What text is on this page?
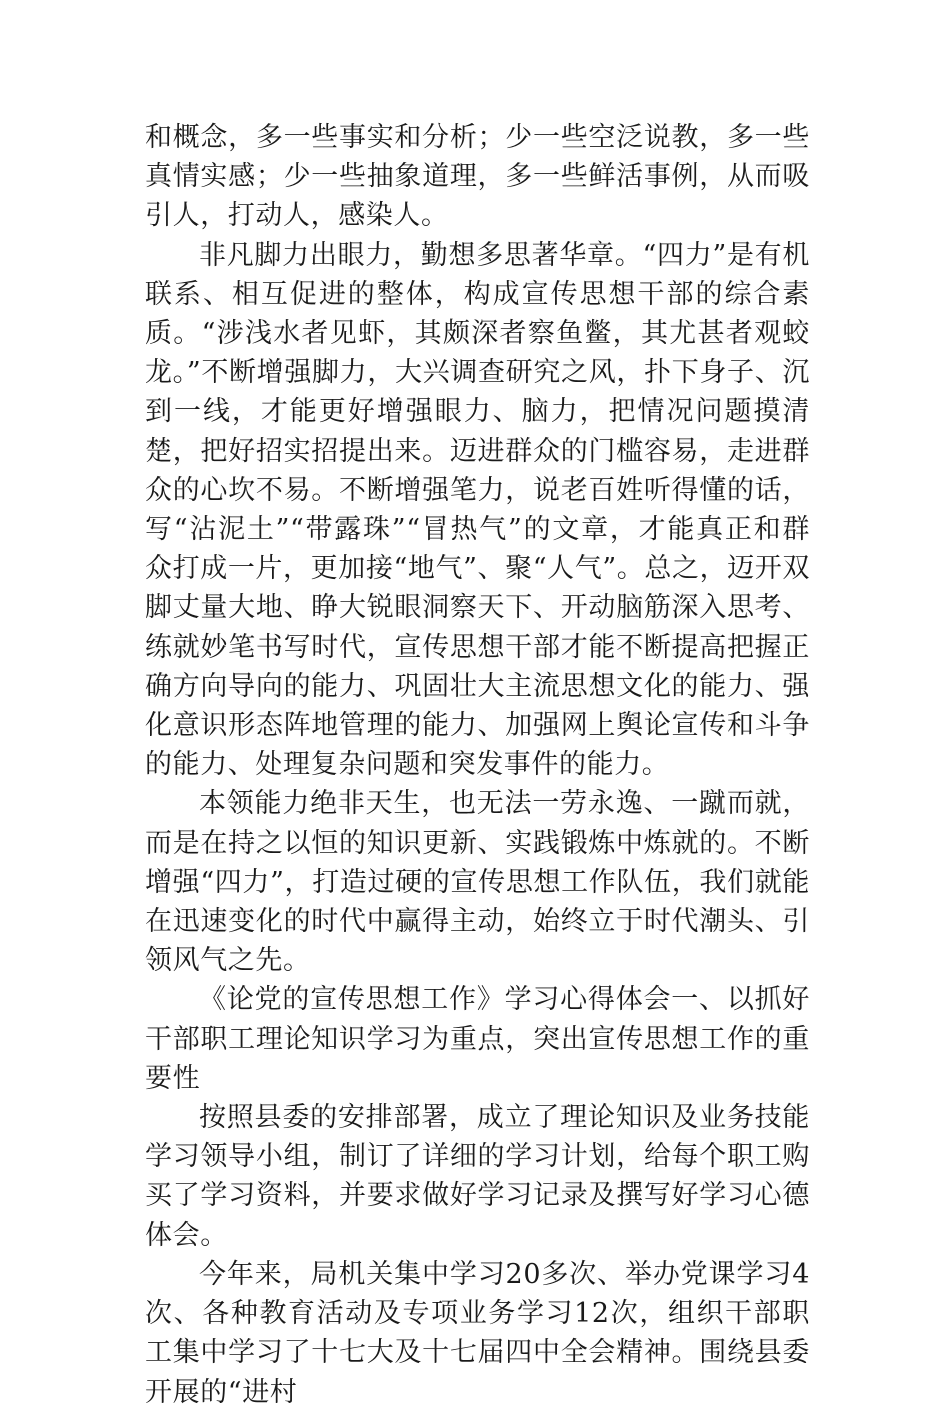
和概念，多一些事实和分析；少一些空泛说教，多一些真情实感；少一些抽象道理，多一些鲜活事例，从而吸引人，打动人，感染人。

非凡脚力出眼力，勤想多思著华章。“四力”是有机联系、相互促进的整体，构成宣传思想干部的综合素质。“涉浅水者见虾，其颇深者察鱼鳖，其尤甚者观蛟龙。”不断增强脚力，大兴调查研究之风，扑下身子、沉到一线，才能更好增强眼力、脑力，把情况问题摸清楚，把好招实招提出来。迈进群众的门槛容易，走进群众的心坎不易。不断增强笔力，说老百姓听得懂的话，写“沾泥土”“带露珠”“冒热气”的文章，才能真正和群众打成一片，更加接“地气”、聚“人气”。总之，迈开双脚丈量大地、睁大锐眼洞察天下、开动脑筋深入思考、练就妙笔书写时代，宣传思想干部才能不断提高把握正确方向导向的能力、巩固壮大主流思想文化的能力、强化意识形态阵地管理的能力、加强网上舆论宣传和斗争的能力、处理复杂问题和突发事件的能力。

本领能力绝非天生，也无法一劳永逸、一蹴而就，而是在持之以恒的知识更新、实践锻炼中炼就的。不断增强“四力”，打造过硬的宣传思想工作队伍，我们就能在迅速变化的时代中赢得主动，始终立于时代潮头、引领风气之先。

《论党的宣传思想工作》学习心得体会一、以抓好干部职工理论知识学习为重点，突出宣传思想工作的重要性

按照县委的安排部署，成立了理论知识及业务技能学习领导小组，制订了详细的学习计划，给每个职工购买了学习资料，并要求做好学习记录及撰写好学习心德体会。

今年来，局机关集中学习20多次、举办党课学习4次、各种教育活动及专项业务学习12次，组织干部职工集中学习了十七大及十七届四中全会精神。围绕县委开展的“进村
